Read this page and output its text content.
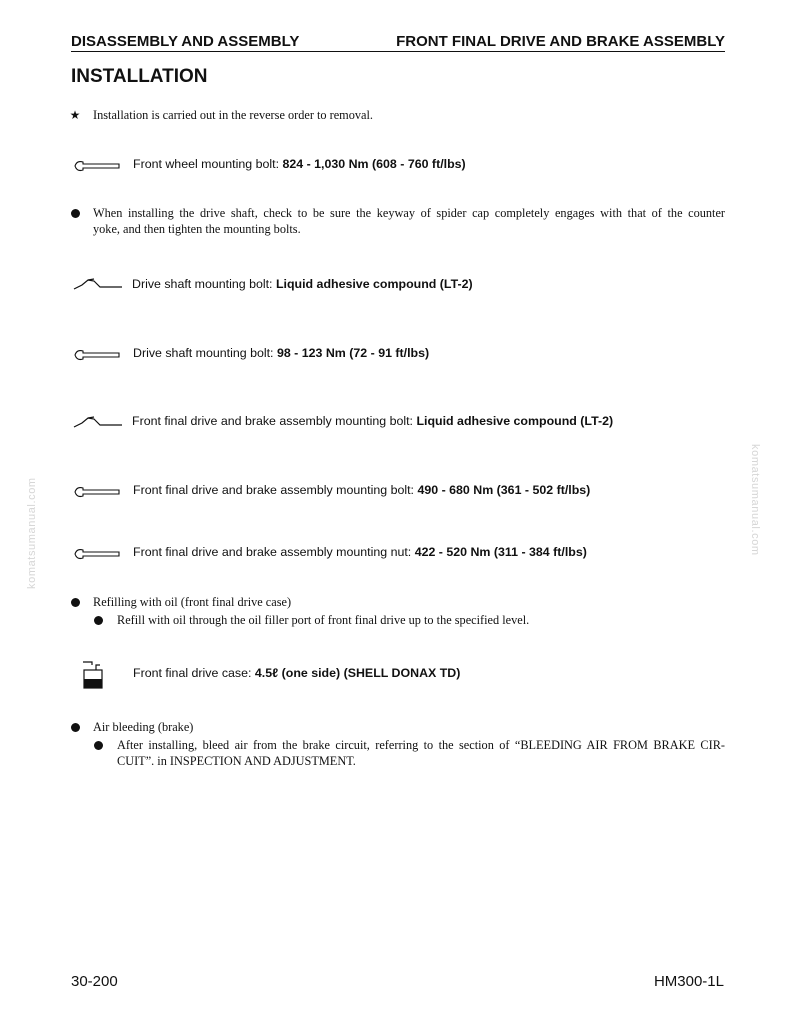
DISASSEMBLY AND ASSEMBLY	FRONT FINAL DRIVE AND BRAKE ASSEMBLY
INSTALLATION
★ Installation is carried out in the reverse order to removal.
Front wheel mounting bolt: 824 - 1,030 Nm (608 - 760 ft/lbs)
When installing the drive shaft, check to be sure the keyway of spider cap completely engages with that of the counter
yoke, and then tighten the mounting bolts.
Drive shaft mounting bolt: Liquid adhesive compound (LT-2)
Drive shaft mounting bolt: 98 - 123 Nm (72 - 91 ft/lbs)
Front final drive and brake assembly mounting bolt: Liquid adhesive compound (LT-2)
Front final drive and brake assembly mounting bolt: 490 - 680 Nm (361 - 502 ft/lbs)
Front final drive and brake assembly mounting nut: 422 - 520 Nm (311 - 384 ft/lbs)
Refilling with oil (front final drive case)
Refill with oil through the oil filler port of front final drive up to the specified level.
Front final drive case: 4.5ℓ (one side) (SHELL DONAX TD)
Air bleeding (brake)
After installing, bleed air from the brake circuit, referring to the section of “BLEEDING AIR FROM BRAKE CIR-
CUIT”. in INSPECTION AND ADJUSTMENT.
komatsumanual.com	komatsumanual.com
30-200	HM300-1L
